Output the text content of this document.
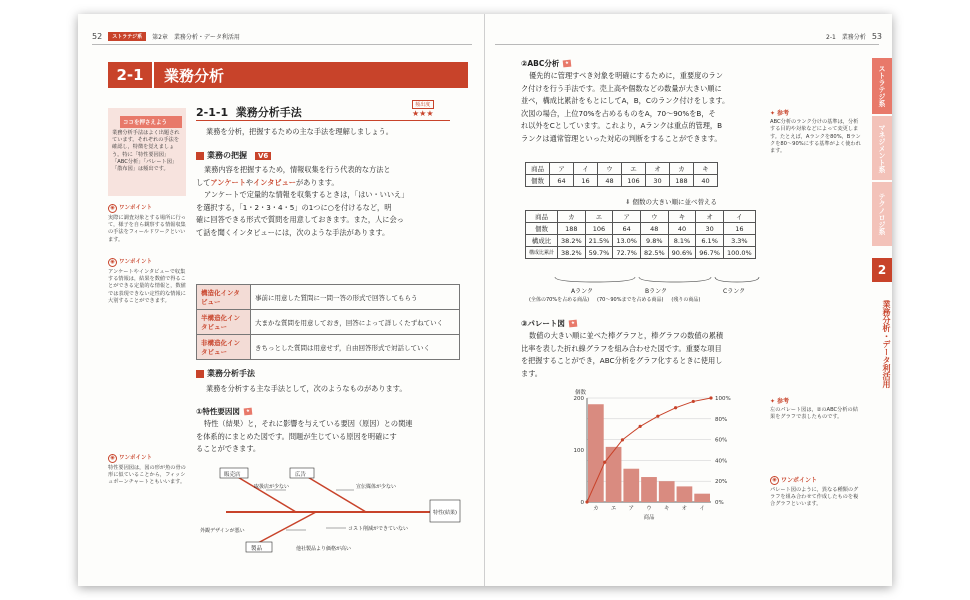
52	ストラテジ系	第2章　業務分析・データ利活用
2-1	業務分析
ココを押さえよう
業務分析手法はよく出題されています。それぞれの手法を確認し，特徴を覚えましょう。特に「特性要因図」「ABC分析」「パレート図」「散布図」は頻出です。
◉ ワンポイント
実際に調査対象とする場所に行って，様子を自ら観察する情報収集の手法をフィールドワークといいます。
◉ ワンポイント
アンケートやインタビューで収集する情報は，結果を数値で得ることができる定量的な情報と，数値では表現できない定性的な情報に大別することができます。
◉ ワンポイント
特性要因図は，図の形が魚の骨の形に似ていることから，フィッシュボーンチャートともいいます。
2-1-1 業務分析手法
頻出度
★★★
業務を分析，把握するための主な手法を理解しましょう。
業務の把握	V6
業務内容を把握するため，情報収集を行う代表的な方法と
してアンケートやインタビューがあります。
アンケートで定量的な情報を収集するときは，「はい・いいえ」
を選択する，「1・2・3・4・5」の1つに○を付けるなど，明
確に回答できる形式で質問を用意しておきます。また，人に会っ
て話を聞くインタビューには，次のような手法があります。
構造化インタビュー	事前に用意した質問に一問一答の形式で回答してもらう
半構造化インタビュー	大まかな質問を用意しておき，回答によって詳しくたずねていく
非構造化インタビュー	きちっとした質問は用意せず，自由回答形式で対話していく
業務分析手法
業務を分析する主な手法として，次のようなものがあります。
①特性要因図	★
特性（結果）と，それに影響を与えている要因（原因）との関連
を体系的にまとめた図です。問題が生じている原因を明確にす
ることができます。
販売店	広告
取扱店が少ない	宣伝媒体が少ない
特性(結果)
外観デザインが悪い	コスト削減ができていない
製品	他社製品より価格が高い
2-1　業務分析 53
②ABC分析	★
優先的に管理すべき対象を明確にするために，重要度のラン
ク付けを行う手法です。売上高や個数などの数量が大きい順に
並べ，構成比累計をもとにしてA，B，Cのランク付けをします。
次図の場合，上位70%を占めるものをA，70～90%をB，そ
れ以外をCとしています。これより，Aランクは重点的管理，B
ランクは通常管理といった対応の判断をすることができます。
商品	ア	イ	ウ	エ	オ	カ	キ
個数	64	16	48	106	30	188	40
⬇ 個数の大きい順に並べ替える
商品	カ	エ	ア	ウ	キ	オ	イ
個数	188	106	64	48	40	30	16
構成比	38.2%	21.5%	13.0%	9.8%	8.1%	6.1%	3.3%
構成比累計	38.2%	59.7%	72.7%	82.5%	90.6%	96.7%	100.0%
Aランク	Bランク	Cランク
(全体の70%を占める商品) (70～90%までを占める商品) (残りの商品)
③パレート図	★
数値の大きい順に並べた棒グラフと，棒グラフの数値の累積
比率を表した折れ線グラフを組み合わせた図です。重要な項目
を把握することができ，ABC分析をグラフ化するときに使用し
ます。
0%
20%
40%
60%
80%
100%
0
100
200
個数
カ エ ア ウ キ オ イ
商品
✦ 参考
ABC分析のランク分けの基準は，分析する目的や対象などによって変更します。たとえば，Aランクを80%，Bランクを80～90%にする基準がよく使われます。
✦ 参考
左のパレート図は，②のABC分析の結果をグラフで表したものです。
◉ ワンポイント
パレート図のように，異なる種類のグラフを組み合わせて作成したものを複合グラフといいます。
ストラテジ系
マネジメント系
テクノロジ系
2
業務分析・データ利活用
